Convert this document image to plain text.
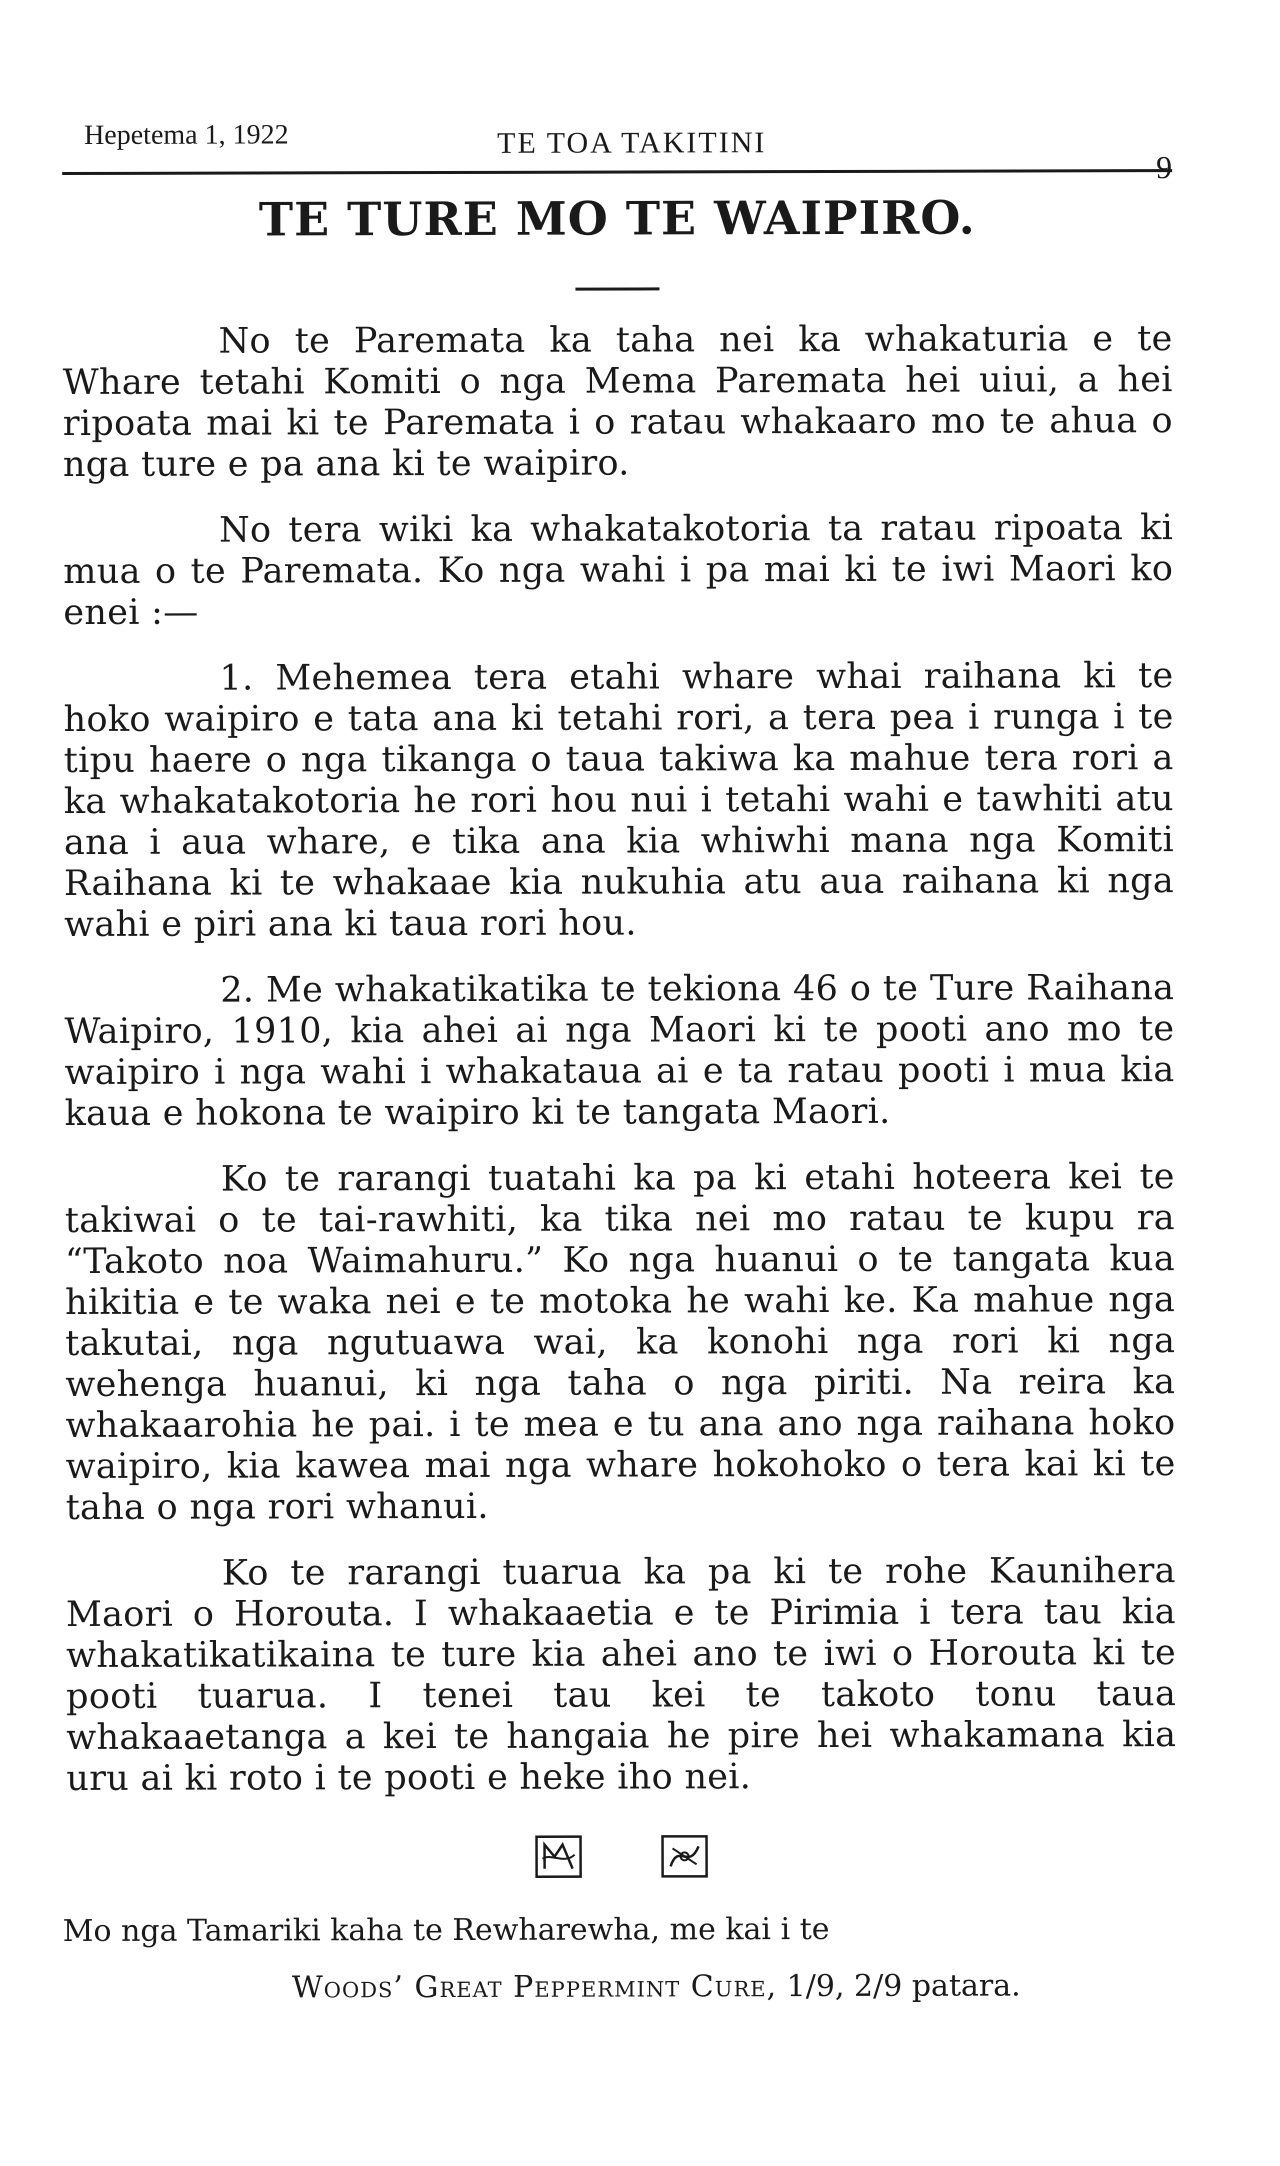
Hepetema 1, 1922	TE TOA TAKITINI
9
TE TURE MO TE WAIPIRO.

No te Paremata ka taha nei ka whakaturia e te Whare tetahi Komiti o nga Mema Paremata hei uiui, a hei ripoata mai ki te Paremata i o ratau whakaaro mo te ahua o nga ture e pa ana ki te waipiro.

No tera wiki ka whakatakotoria ta ratau ripoata ki mua o te Paremata. Ko nga wahi i pa mai ki te iwi Maori ko enei :—

1. Mehemea tera etahi whare whai raihana ki te hoko waipiro e tata ana ki tetahi rori, a tera pea i runga i te tipu haere o nga tikanga o taua takiwa ka mahue tera rori a ka whakatakotoria he rori hou nui i tetahi wahi e tawhiti atu ana i aua whare, e tika ana kia whiwhi mana nga Komiti Raihana ki te whakaae kia nukuhia atu aua raihana ki nga wahi e piri ana ki taua rori hou.

2. Me whakatikatika te tekiona 46 o te Ture Raihana Waipiro, 1910, kia ahei ai nga Maori ki te pooti ano mo te waipiro i nga wahi i whakataua ai e ta ratau pooti i mua kia kaua e hokona te waipiro ki te tangata Maori.

Ko te rarangi tuatahi ka pa ki etahi hoteera kei te takiwai o te tai-rawhiti, ka tika nei mo ratau te kupu ra “Takoto noa Waimahuru.” Ko nga huanui o te tangata kua hikitia e te waka nei e te motoka he wahi ke. Ka mahue nga takutai, nga ngutuawa wai, ka konohi nga rori ki nga wehenga huanui, ki nga taha o nga piriti. Na reira ka whakaarohia he pai. i te mea e tu ana ano nga raihana hoko waipiro, kia kawea mai nga whare hokohoko o tera kai ki te taha o nga rori whanui.

Ko te rarangi tuarua ka pa ki te rohe Kaunihera Maori o Horouta. I whakaaetia e te Pirimia i tera tau kia whakatikatikaina te ture kia ahei ano te iwi o Horouta ki te pooti tuarua. I tenei tau kei te takoto tonu taua whakaaetanga a kei te hangaia he pire hei whakamana kia uru ai ki roto i te pooti e heke iho nei.

Mo nga Tamariki kaha te Rewharewha, me kai i te
Woods’ Great Peppermint Cure, 1/9, 2/9 patara.
